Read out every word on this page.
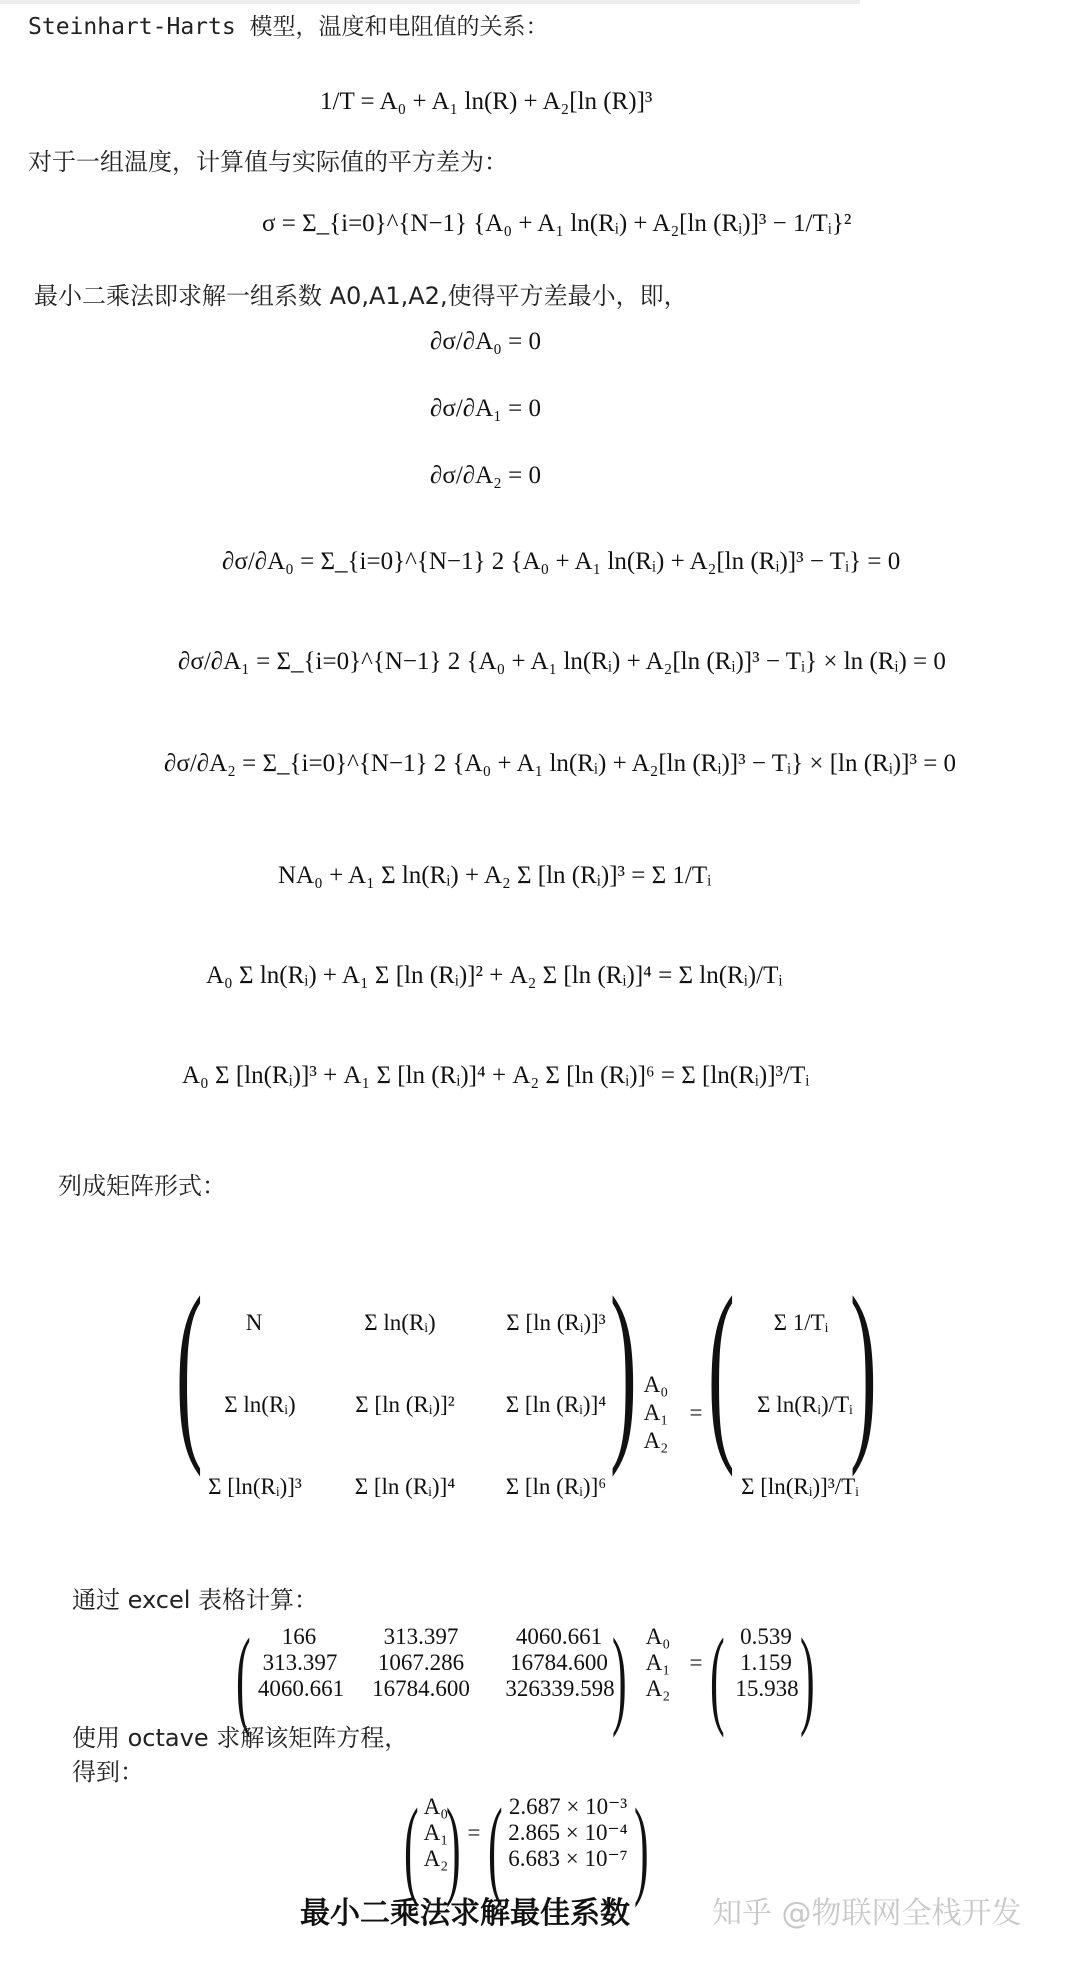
Steinhart-Harts 模型，温度和电阻值的关系：
1/T = A₀ + A₁ ln(R) + A₂[ln (R)]³
对于一组温度，计算值与实际值的平方差为：
σ = Σ_{i=0}^{N−1} {A₀ + A₁ ln(Rᵢ) + A₂[ln (Rᵢ)]³ − 1/Tᵢ}²
最小二乘法即求解一组系数 A0,A1,A2,使得平方差最小，即，
∂σ/∂A₀ = 0
∂σ/∂A₁ = 0
∂σ/∂A₂ = 0
∂σ/∂A₀ = Σ_{i=0}^{N−1} 2 {A₀ + A₁ ln(Rᵢ) + A₂[ln (Rᵢ)]³ − Tᵢ} = 0
∂σ/∂A₁ = Σ_{i=0}^{N−1} 2 {A₀ + A₁ ln(Rᵢ) + A₂[ln (Rᵢ)]³ − Tᵢ} × ln (Rᵢ) = 0
∂σ/∂A₂ = Σ_{i=0}^{N−1} 2 {A₀ + A₁ ln(Rᵢ) + A₂[ln (Rᵢ)]³ − Tᵢ} × [ln (Rᵢ)]³ = 0
NA₀ + A₁ Σ ln(Rᵢ) + A₂ Σ [ln (Rᵢ)]³ = Σ 1/Tᵢ
A₀ Σ ln(Rᵢ) + A₁ Σ [ln (Rᵢ)]² + A₂ Σ [ln (Rᵢ)]⁴ = Σ ln(Rᵢ)/Tᵢ
A₀ Σ [ln(Rᵢ)]³ + A₁ Σ [ln (Rᵢ)]⁴ + A₂ Σ [ln (Rᵢ)]⁶ = Σ [ln(Rᵢ)]³/Tᵢ
列成矩阵形式：
(	N	Σ ln(Rᵢ)	Σ [ln (Rᵢ)]³
Σ ln(Rᵢ)	Σ [ln (Rᵢ)]²	Σ [ln (Rᵢ)]⁴
Σ [ln(Rᵢ)]³	Σ [ln (Rᵢ)]⁴	Σ [ln (Rᵢ)]⁶
) A₀
A₁
A₂
= (	Σ 1/Tᵢ
Σ ln(Rᵢ)/Tᵢ
Σ [ln(Rᵢ)]³/Tᵢ
)
通过 excel 表格计算：
(	166	313.397	4060.661
313.397	1067.286	16784.600
4060.661	16784.600	326339.598
) A₀
A₁
A₂
= ( 0.539
1.159
15.938 )
使用 octave 求解该矩阵方程，
得到：
( A₀
A₁
A₂
) = ( 2.687 × 10⁻³
2.865 × 10⁻⁴
6.683 × 10⁻⁷ )
最小二乘法求解最佳系数	知乎 @物联网全栈开发
